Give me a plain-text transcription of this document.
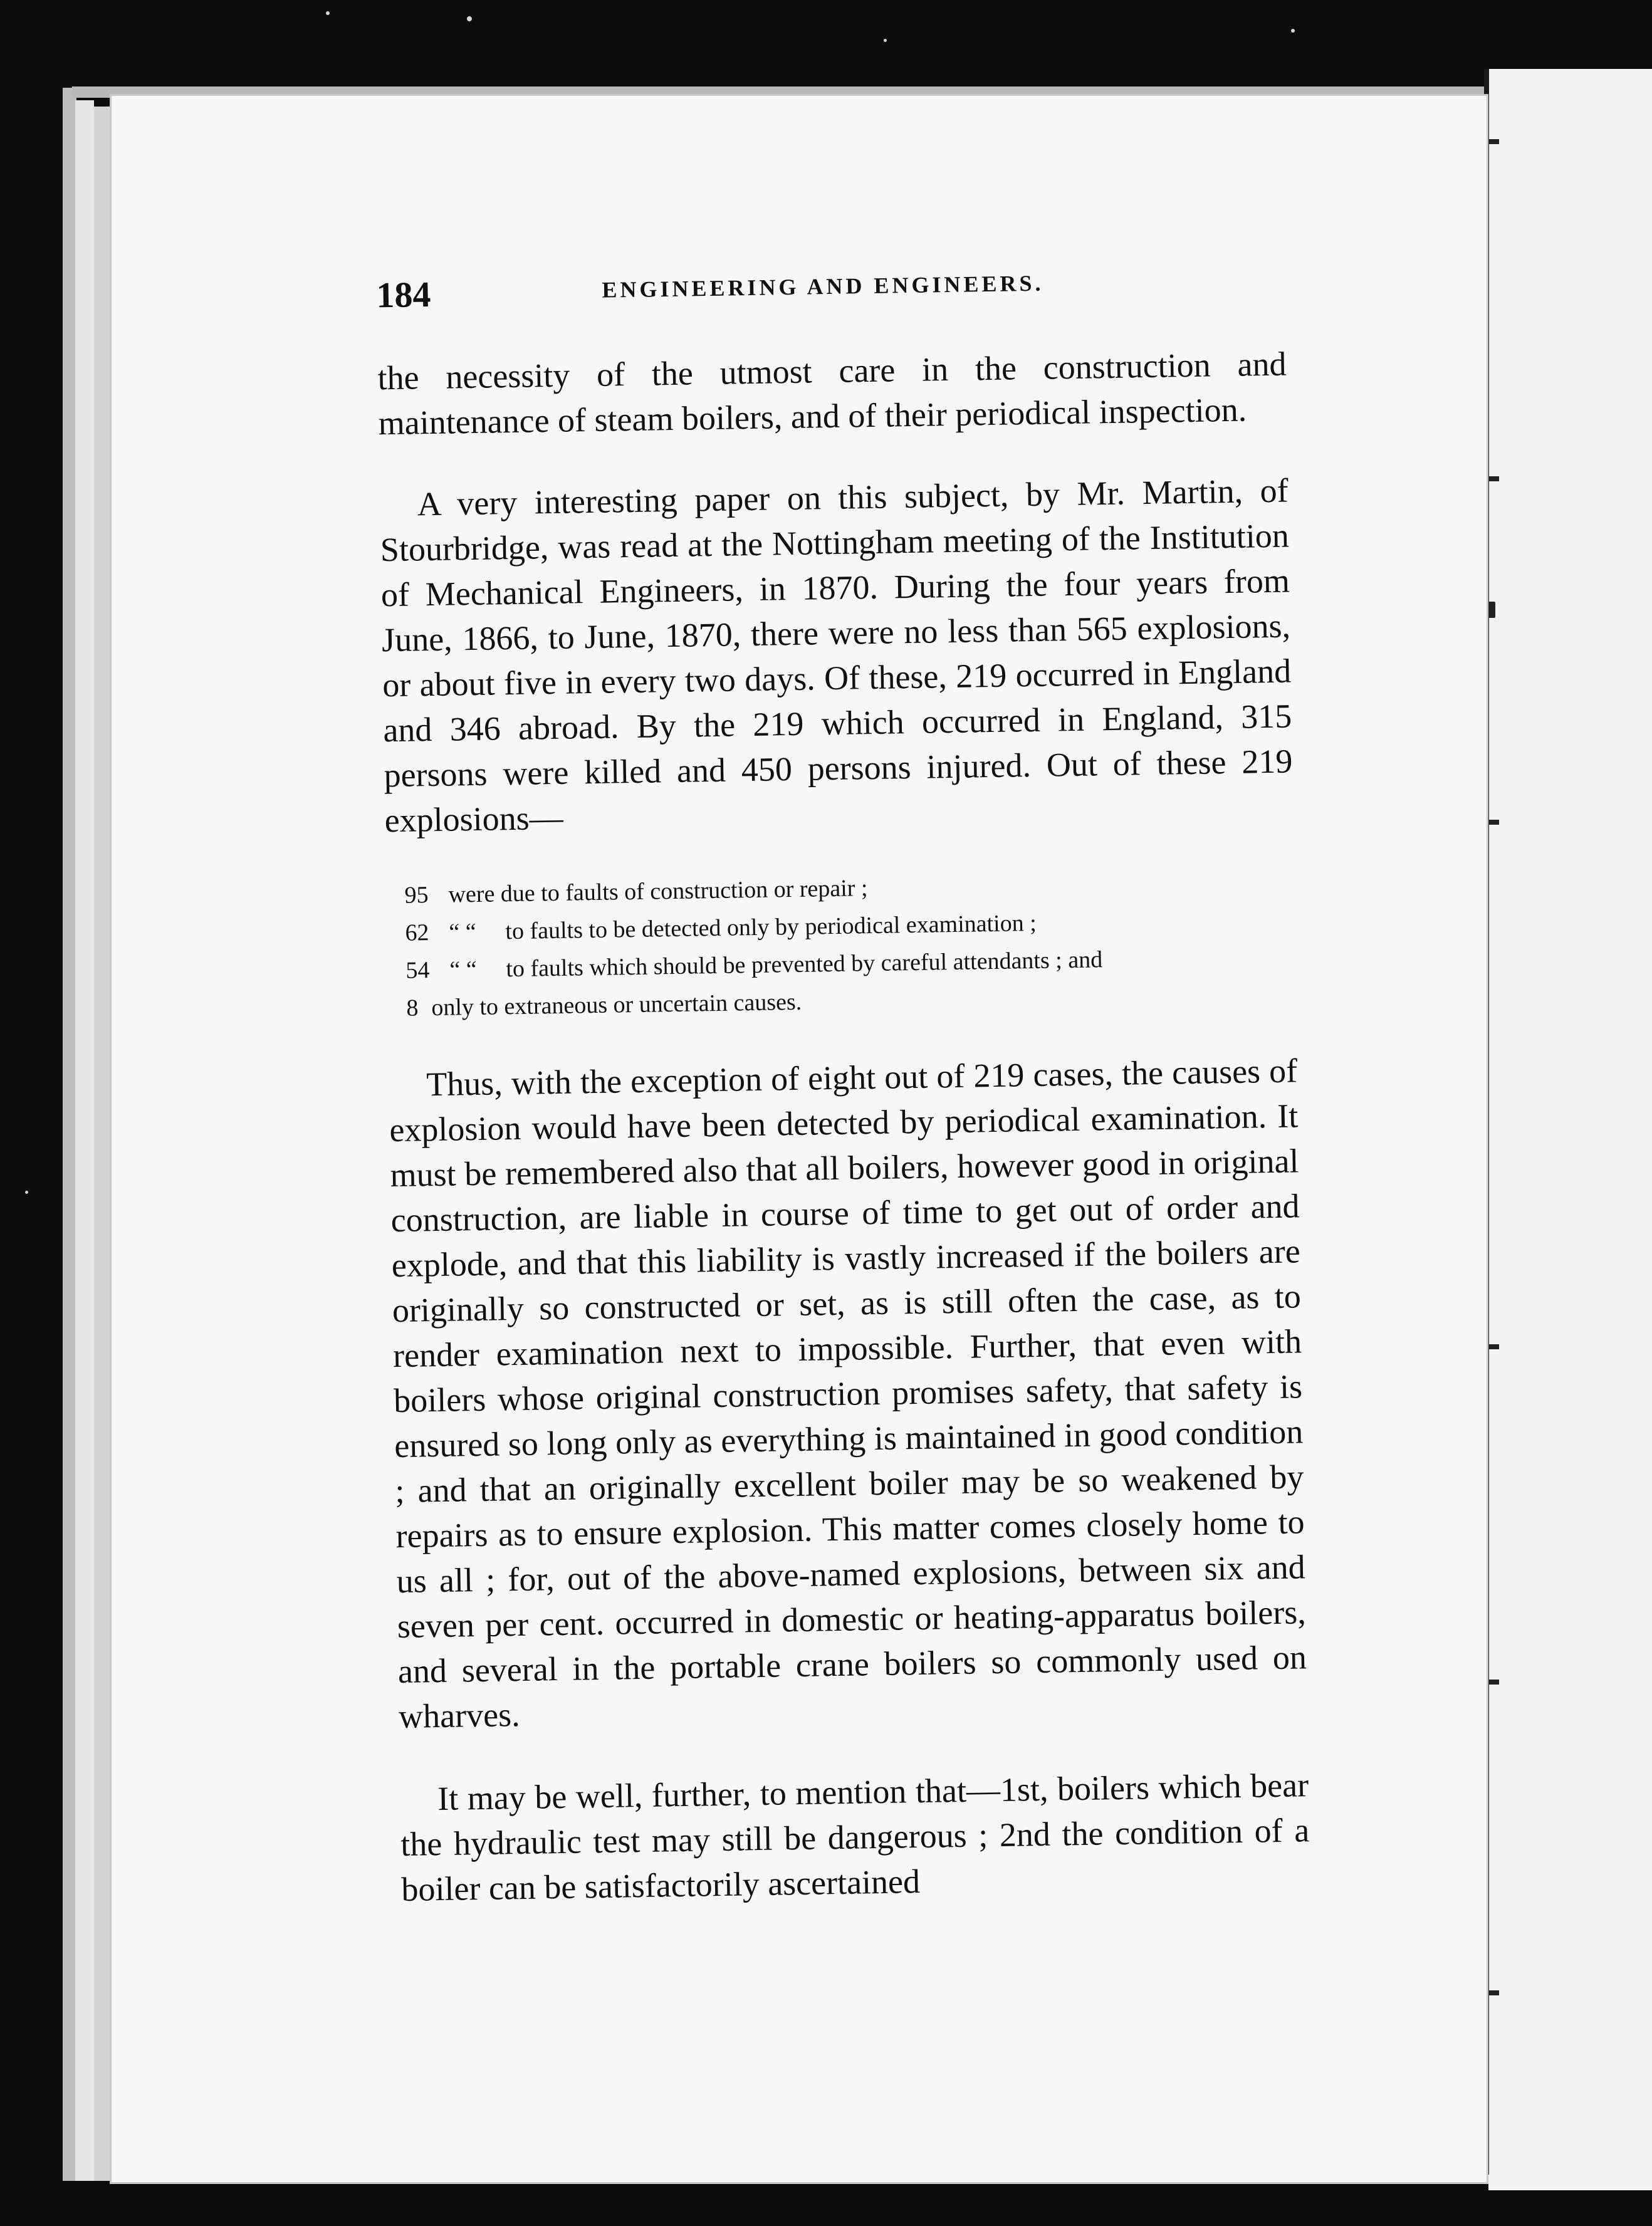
184	ENGINEERING AND ENGINEERS.

the necessity of the utmost care in the construction and maintenance of steam boilers, and of their periodical inspection.

A very interesting paper on this subject, by Mr. Martin, of Stourbridge, was read at the Nottingham meeting of the Institution of Mechanical Engineers, in 1870. During the four years from June, 1866, to June, 1870, there were no less than 565 explosions, or about five in every two days. Of these, 219 occurred in England and 346 abroad. By the 219 which occurred in England, 315 persons were killed and 450 persons injured. Out of these 219 explosions—

95 were due to faults of construction or repair ;
62 “ “	to faults to be detected only by periodical examination ;
54 “ “	to faults which should be prevented by careful attendants ; and
8 only to extraneous or uncertain causes.

Thus, with the exception of eight out of 219 cases, the causes of explosion would have been detected by periodical examination. It must be remembered also that all boilers, however good in original construction, are liable in course of time to get out of order and explode, and that this liability is vastly increased if the boilers are originally so constructed or set, as is still often the case, as to render examination next to impossible. Further, that even with boilers whose original construction promises safety, that safety is ensured so long only as everything is maintained in good condition ; and that an originally excellent boiler may be so weakened by repairs as to ensure explosion. This matter comes closely home to us all ; for, out of the above-named explosions, between six and seven per cent. occurred in domestic or heating-apparatus boilers, and several in the portable crane boilers so commonly used on wharves.

It may be well, further, to mention that—1st, boilers which bear the hydraulic test may still be dangerous ; 2nd the condition of a boiler can be satisfactorily ascertained
